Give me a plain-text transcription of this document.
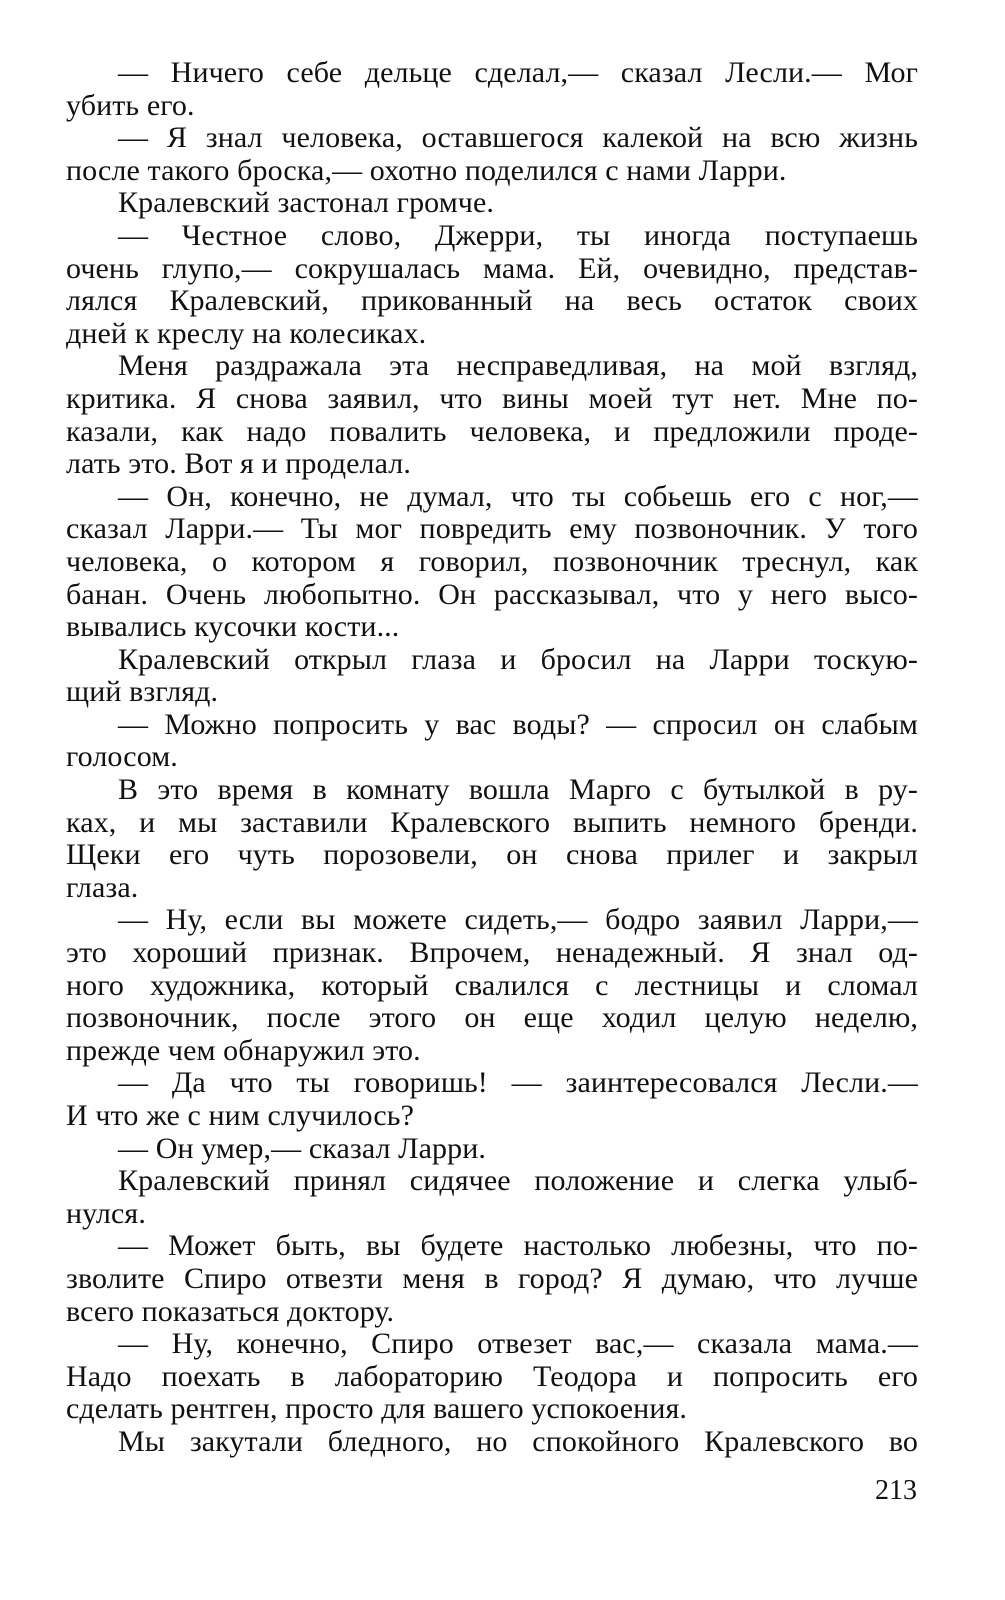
— Ничего себе дельце сделал,— сказал Лесли.— Мог
убить его.
— Я знал человека, оставшегося калекой на всю жизнь
после такого броска,— охотно поделился с нами Ларри.
Кралевский застонал громче.
— Честное слово, Джерри, ты иногда поступаешь
очень глупо,— сокрушалась мама. Ей, очевидно, представ-
лялся Кралевский, прикованный на весь остаток своих
дней к креслу на колесиках.
Меня раздражала эта несправедливая, на мой взгляд,
критика. Я снова заявил, что вины моей тут нет. Мне по-
казали, как надо повалить человека, и предложили проде-
лать это. Вот я и проделал.
— Он, конечно, не думал, что ты собьешь его с ног,—
сказал Ларри.— Ты мог повредить ему позвоночник. У того
человека, о котором я говорил, позвоночник треснул, как
банан. Очень любопытно. Он рассказывал, что у него высо-
вывались кусочки кости...
Кралевский открыл глаза и бросил на Ларри тоскую-
щий взгляд.
— Можно попросить у вас воды? — спросил он слабым
голосом.
В это время в комнату вошла Марго с бутылкой в ру-
ках, и мы заставили Кралевского выпить немного бренди.
Щеки его чуть порозовели, он снова прилег и закрыл
глаза.
— Ну, если вы можете сидеть,— бодро заявил Ларри,—
это хороший признак. Впрочем, ненадежный. Я знал од-
ного художника, который свалился с лестницы и сломал
позвоночник, после этого он еще ходил целую неделю,
прежде чем обнаружил это.
— Да что ты говоришь! — заинтересовался Лесли.—
И что же с ним случилось?
— Он умер,— сказал Ларри.
Кралевский принял сидячее положение и слегка улыб-
нулся.
— Может быть, вы будете настолько любезны, что по-
зволите Спиро отвезти меня в город? Я думаю, что лучше
всего показаться доктору.
— Ну, конечно, Спиро отвезет вас,— сказала мама.—
Надо поехать в лабораторию Теодора и попросить его
сделать рентген, просто для вашего успокоения.
Мы закутали бледного, но спокойного Кралевского во
213
